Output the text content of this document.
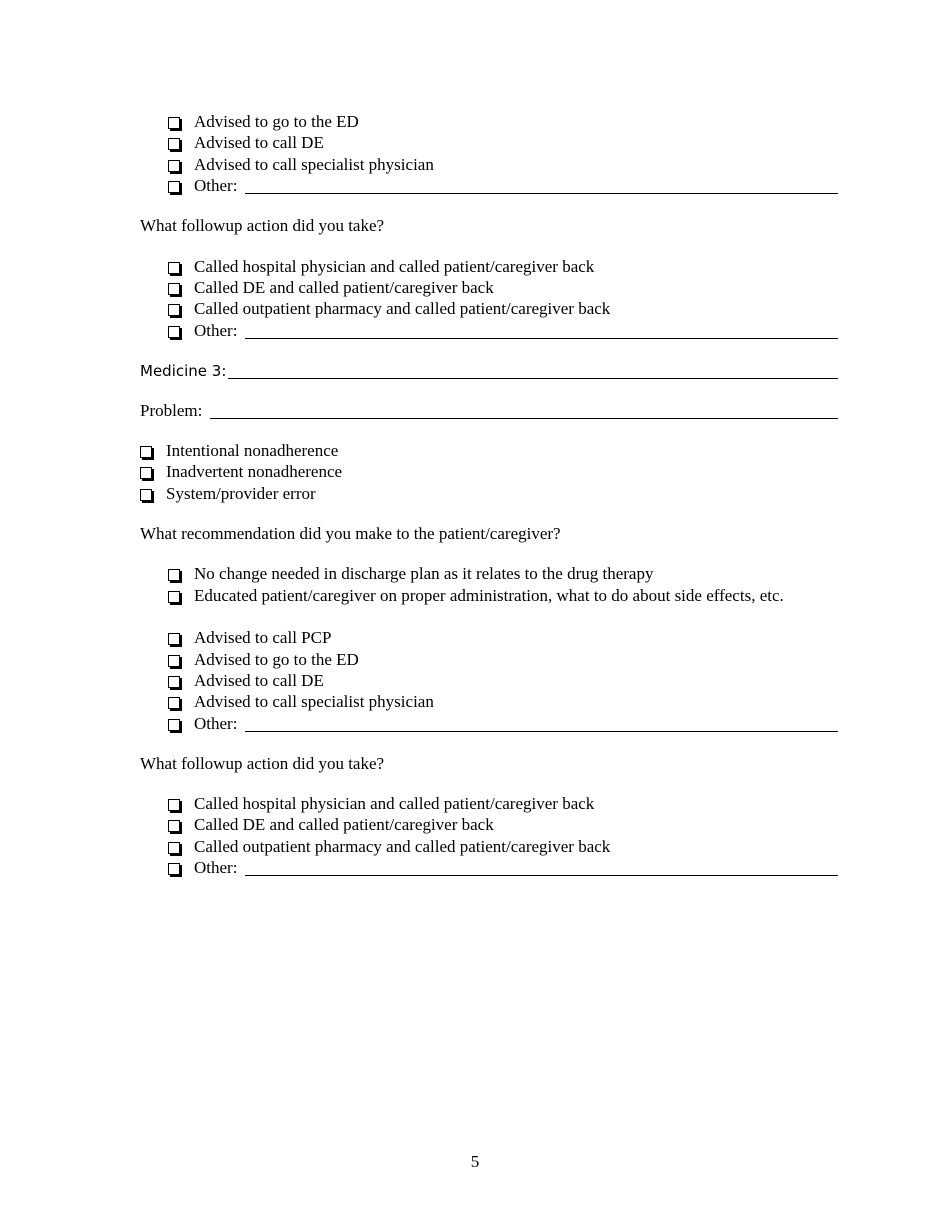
Advised to go to the ED
Advised to call DE
Advised to call specialist physician
Other:
What followup action did you take?
Called hospital physician and called patient/caregiver back
Called DE and called patient/caregiver back
Called outpatient pharmacy and called patient/caregiver back
Other:
Medicine 3:
Problem:
Intentional nonadherence
Inadvertent nonadherence
System/provider error
What recommendation did you make to the patient/caregiver?
No change needed in discharge plan as it relates to the drug therapy
Educated patient/caregiver on proper administration, what to do about side effects, etc.
Advised to call PCP
Advised to go to the ED
Advised to call DE
Advised to call specialist physician
Other:
What followup action did you take?
Called hospital physician and called patient/caregiver back
Called DE and called patient/caregiver back
Called outpatient pharmacy and called patient/caregiver back
Other:
5
